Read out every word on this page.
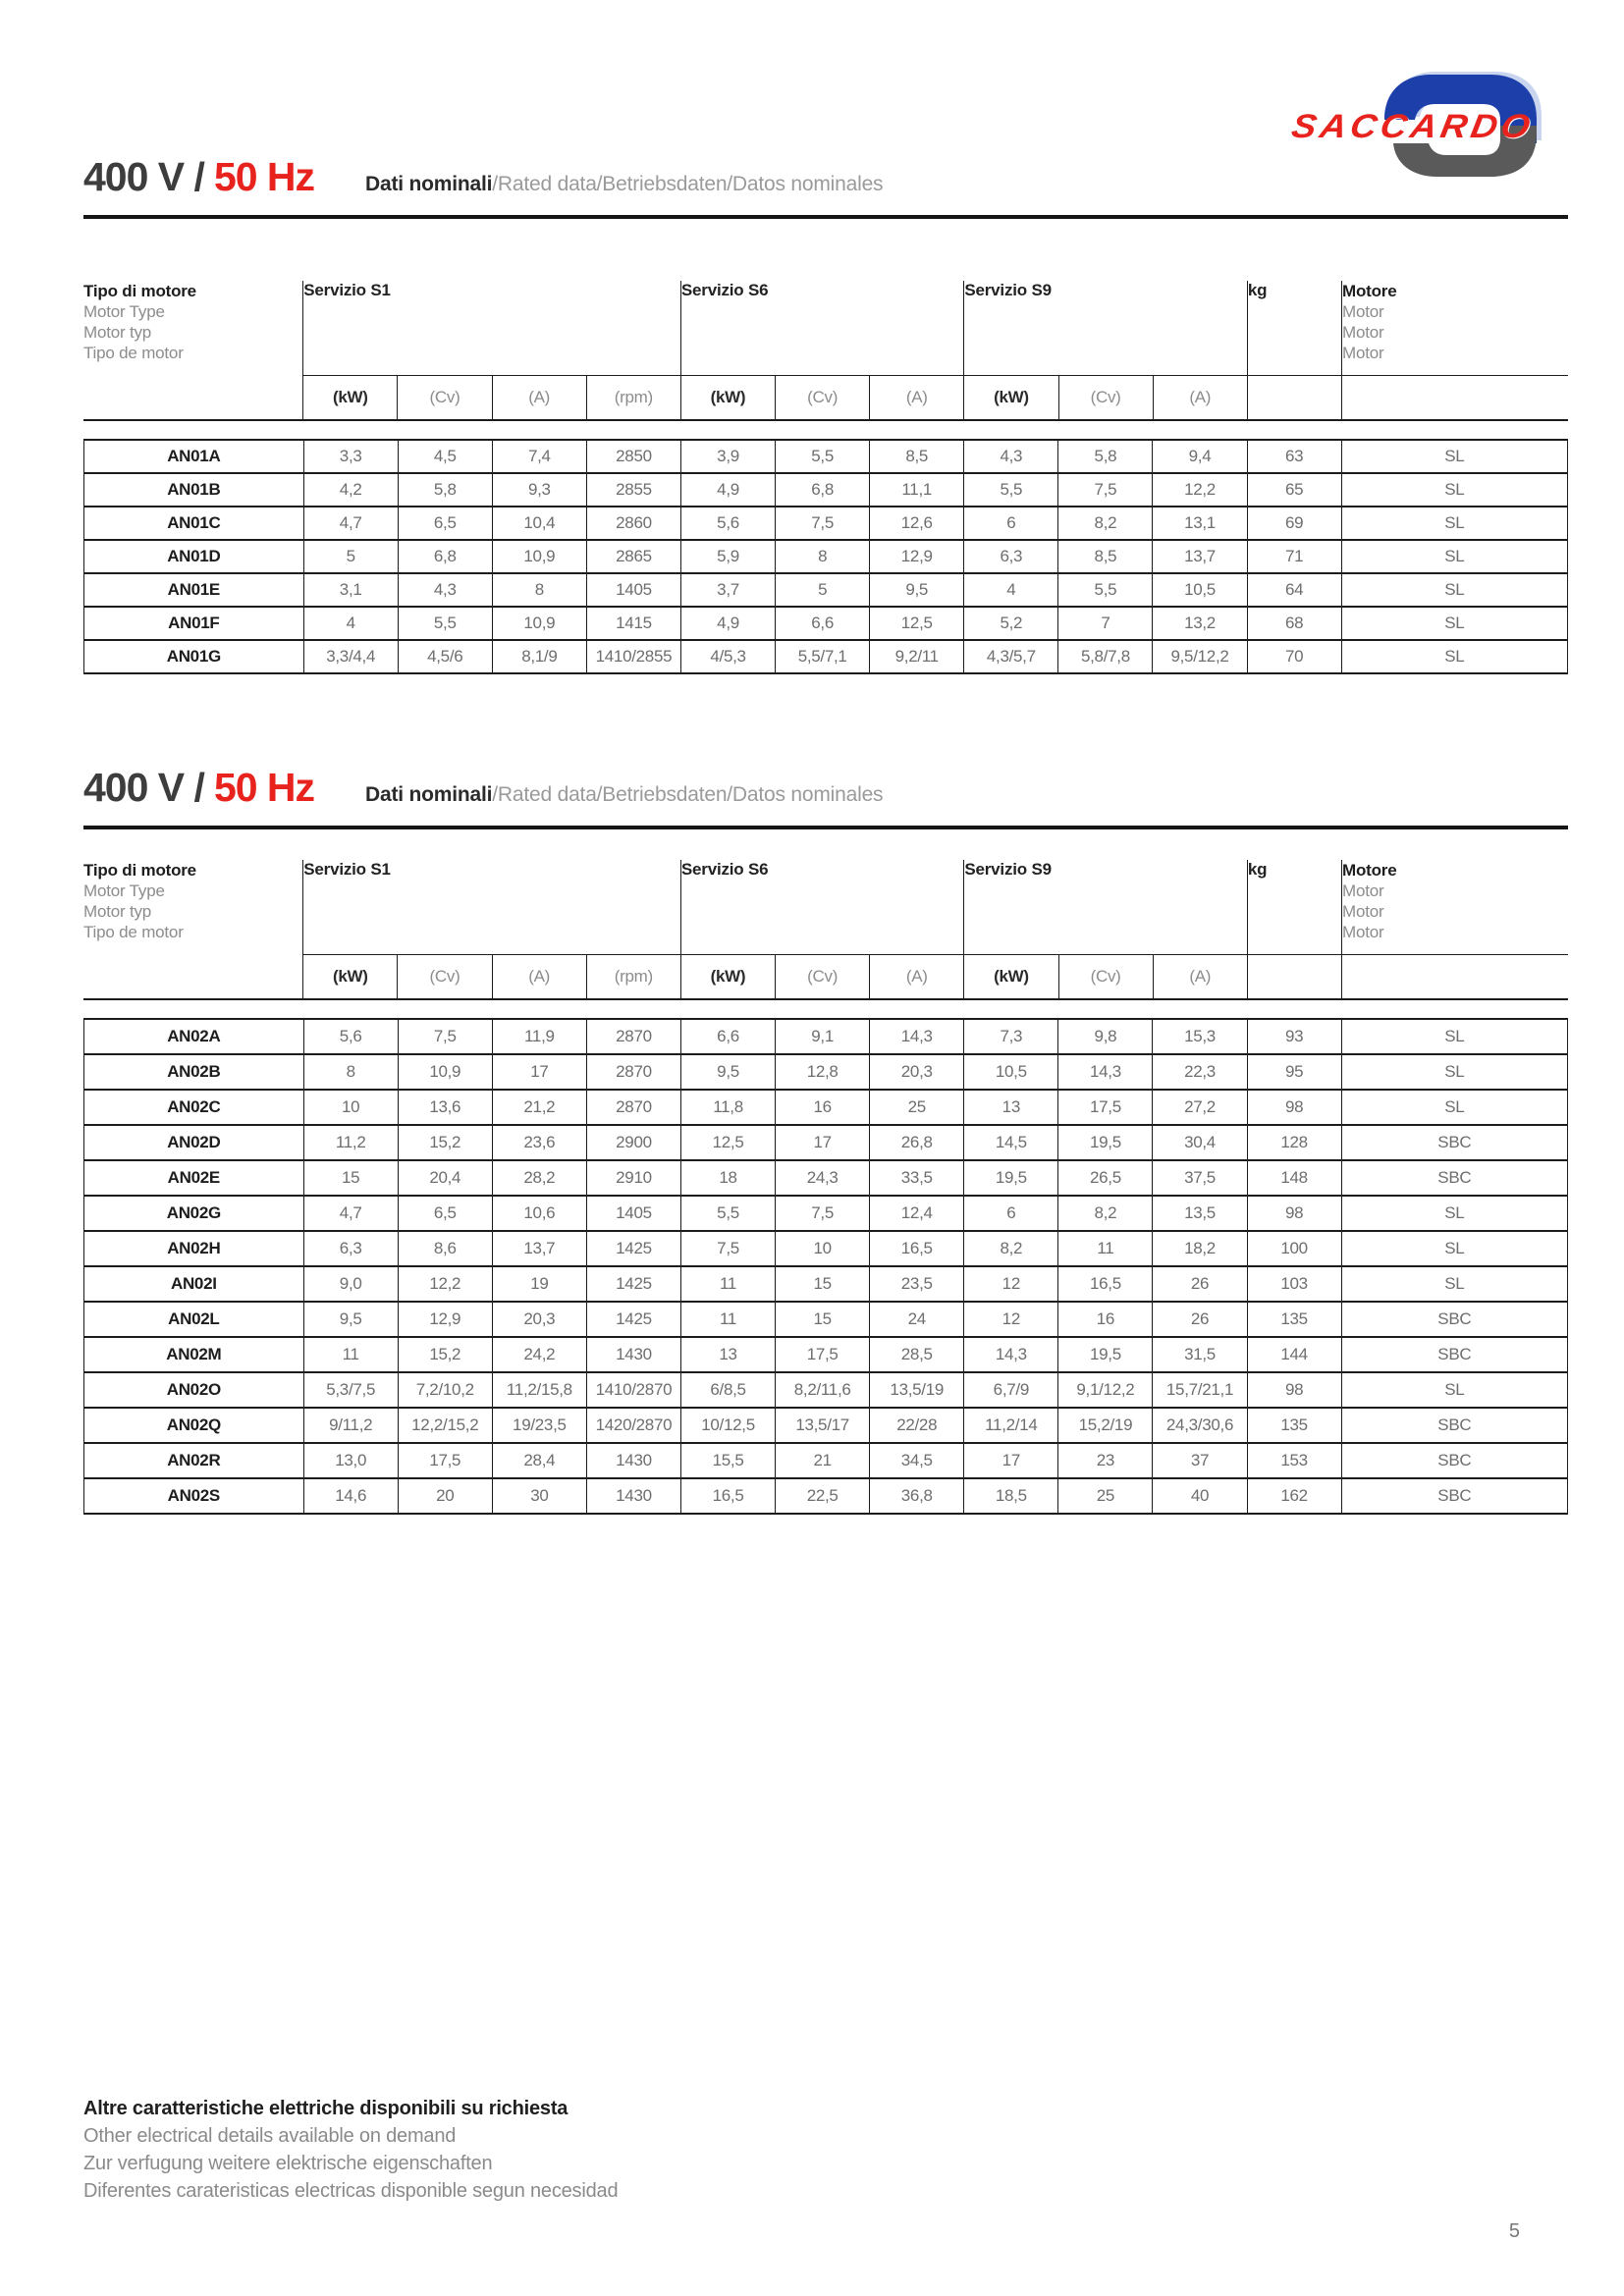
SACCARDO
400 V / 50 Hz Dati nominali/Rated data/Betriebsdaten/Datos nominales
Tipo di motore
Motor Type
Motor typ
Tipo de motor
	Servizio S1	Servizio S6	Servizio S9	kg	Motore
Motor
Motor
Motor

	(kW)	(Cv)	(A)	(rpm)	(kW)	(Cv)	(A)	(kW)	(Cv)	(A)		
AN01A	3,3	4,5	7,4	2850	3,9	5,5	8,5	4,3	5,8	9,4	63	SL
AN01B	4,2	5,8	9,3	2855	4,9	6,8	11,1	5,5	7,5	12,2	65	SL
AN01C	4,7	6,5	10,4	2860	5,6	7,5	12,6	6	8,2	13,1	69	SL
AN01D	5	6,8	10,9	2865	5,9	8	12,9	6,3	8,5	13,7	71	SL
AN01E	3,1	4,3	8	1405	3,7	5	9,5	4	5,5	10,5	64	SL
AN01F	4	5,5	10,9	1415	4,9	6,6	12,5	5,2	7	13,2	68	SL
AN01G	3,3/4,4	4,5/6	8,1/9	1410/2855	4/5,3	5,5/7,1	9,2/11	4,3/5,7	5,8/7,8	9,5/12,2	70	SL
400 V / 50 Hz Dati nominali/Rated data/Betriebsdaten/Datos nominales
Tipo di motore
Motor Type
Motor typ
Tipo de motor
	Servizio S1	Servizio S6	Servizio S9	kg	Motore
Motor
Motor
Motor

	(kW)	(Cv)	(A)	(rpm)	(kW)	(Cv)	(A)	(kW)	(Cv)	(A)		
AN02A	5,6	7,5	11,9	2870	6,6	9,1	14,3	7,3	9,8	15,3	93	SL
AN02B	8	10,9	17	2870	9,5	12,8	20,3	10,5	14,3	22,3	95	SL
AN02C	10	13,6	21,2	2870	11,8	16	25	13	17,5	27,2	98	SL
AN02D	11,2	15,2	23,6	2900	12,5	17	26,8	14,5	19,5	30,4	128	SBC
AN02E	15	20,4	28,2	2910	18	24,3	33,5	19,5	26,5	37,5	148	SBC
AN02G	4,7	6,5	10,6	1405	5,5	7,5	12,4	6	8,2	13,5	98	SL
AN02H	6,3	8,6	13,7	1425	7,5	10	16,5	8,2	11	18,2	100	SL
AN02I	9,0	12,2	19	1425	11	15	23,5	12	16,5	26	103	SL
AN02L	9,5	12,9	20,3	1425	11	15	24	12	16	26	135	SBC
AN02M	11	15,2	24,2	1430	13	17,5	28,5	14,3	19,5	31,5	144	SBC
AN02O	5,3/7,5	7,2/10,2	11,2/15,8	1410/2870	6/8,5	8,2/11,6	13,5/19	6,7/9	9,1/12,2	15,7/21,1	98	SL
AN02Q	9/11,2	12,2/15,2	19/23,5	1420/2870	10/12,5	13,5/17	22/28	11,2/14	15,2/19	24,3/30,6	135	SBC
AN02R	13,0	17,5	28,4	1430	15,5	21	34,5	17	23	37	153	SBC
AN02S	14,6	20	30	1430	16,5	22,5	36,8	18,5	25	40	162	SBC
Altre caratteristiche elettriche disponibili su richiesta
Other electrical details available on demand
Zur verfugung weitere elektrische eigenschaften
Diferentes carateristicas electricas disponible segun necesidad
5
